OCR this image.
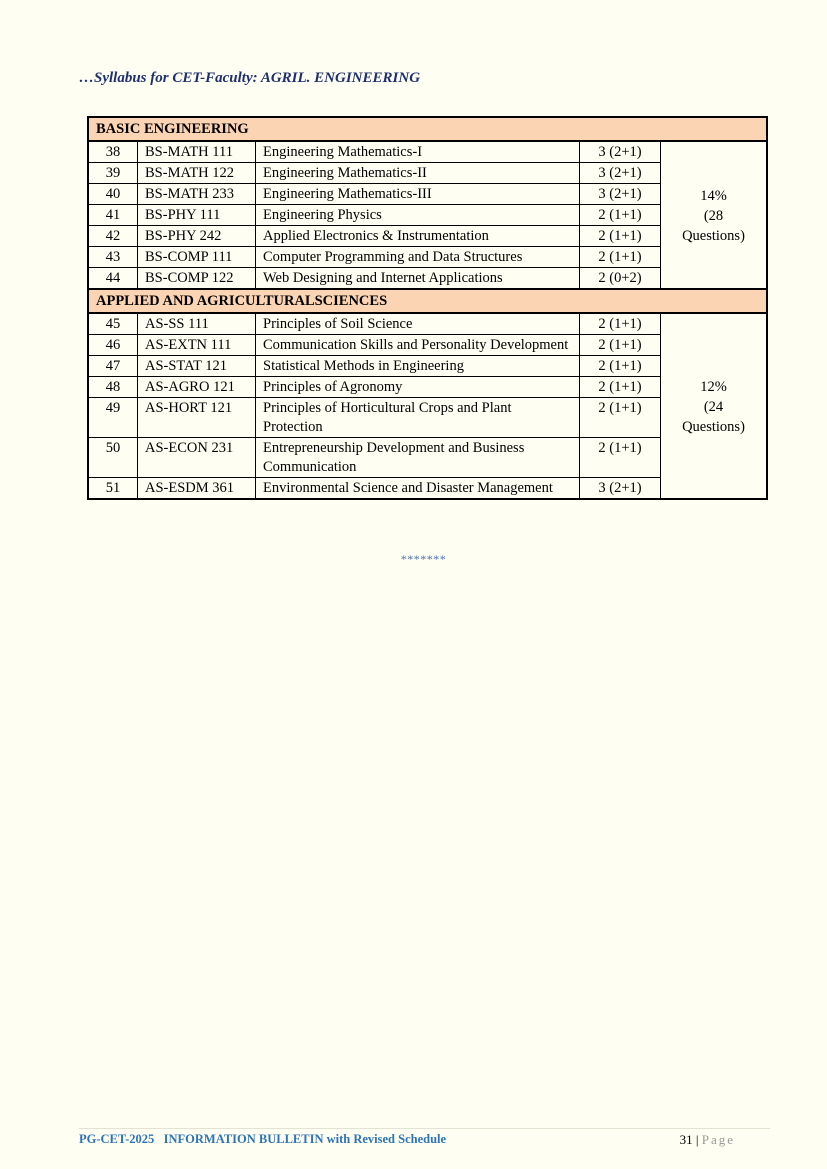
…Syllabus for CET-Faculty: AGRIL. ENGINEERING
BASIC ENGINEERING				
38	BS-MATH 111	Engineering Mathematics-I	3 (2+1)	14%
(28
Questions)

39	BS-MATH 122	Engineering Mathematics-II	3 (2+1)	
40	BS-MATH 233	Engineering Mathematics-III	3 (2+1)	
41	BS-PHY 111	Engineering Physics	2 (1+1)	
42	BS-PHY 242	Applied Electronics & Instrumentation	2 (1+1)	
43	BS-COMP 111	Computer Programming and Data Structures	2 (1+1)	
44	BS-COMP 122	Web Designing and Internet Applications	2 (0+2)	
APPLIED AND AGRICULTURALSCIENCES				
45	AS-SS 111	Principles of Soil Science	2 (1+1)	12%
(24
Questions)

46	AS-EXTN 111	Communication Skills and Personality Development	2 (1+1)	
47	AS-STAT 121	Statistical Methods in Engineering	2 (1+1)	
48	AS-AGRO 121	Principles of Agronomy	2 (1+1)	
49	AS-HORT 121	Principles of Horticultural Crops and Plant Protection	2 (1+1)	
50	AS-ECON 231	Entrepreneurship Development and Business Communication	2 (1+1)	
51	AS-ESDM 361	Environmental Science and Disaster Management	3 (2+1)	
*******
PG-CET-2025   INFORMATION BULLETIN with Revised Schedule	31 | Page
